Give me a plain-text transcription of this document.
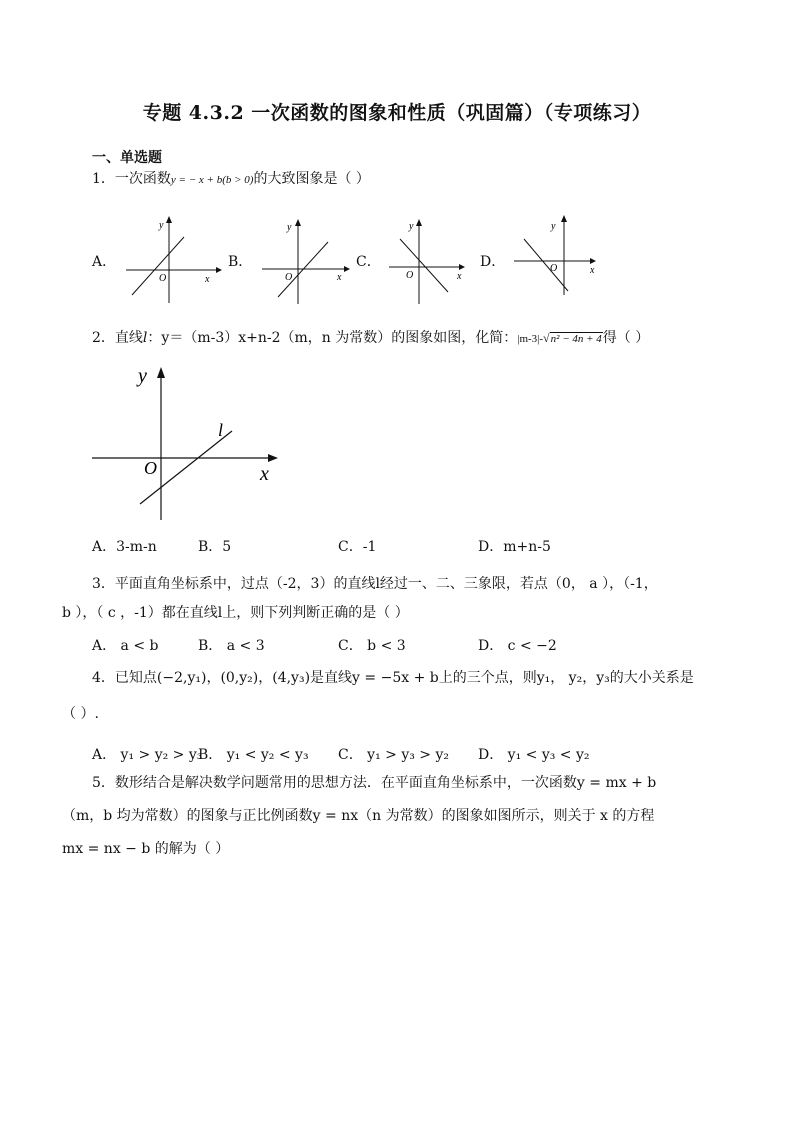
专题 4.3.2 一次函数的图象和性质（巩固篇）（专项练习）
一、单选题
1．一次函数y = − x + b(b > 0)的大致图象是（ ）
A．	B．	C．	D．
y
x
O
y
x
O
y
x
O
y
x
O
2．直线l：y＝（m-3）x+n-2（m，n 为常数）的图象如图，化简：|m-3|-√n² − 4n + 4得（ ）
y
x
O
l
A．3-m-n	B．5	C．-1	D．m+n-5
3．平面直角坐标系中，过点（-2，3）的直线l经过一、二、三象限，若点（0， a ），（-1，
b ），（ c ，-1）都在直线l上，则下列判断正确的是（ ）
A． a < b	B． a < 3	C． b < 3	D． c < −2
4．已知点(−2,y₁)，(0,y₂)，(4,y₃)是直线y = −5x + b上的三个点，则y₁， y₂，y₃的大小关系是
（ ）.
A． y₁ > y₂ > y₃
B． y₁ < y₂ < y₃ C． y₁ > y₃ > y₂ D． y₁ < y₃ < y₂
5．数形结合是解决数学问题常用的思想方法．在平面直角坐标系中，一次函数y = mx + b
（m，b 均为常数）的图象与正比例函数y = nx（n 为常数）的图象如图所示，则关于 x 的方程
mx = nx − b 的解为（ ）
